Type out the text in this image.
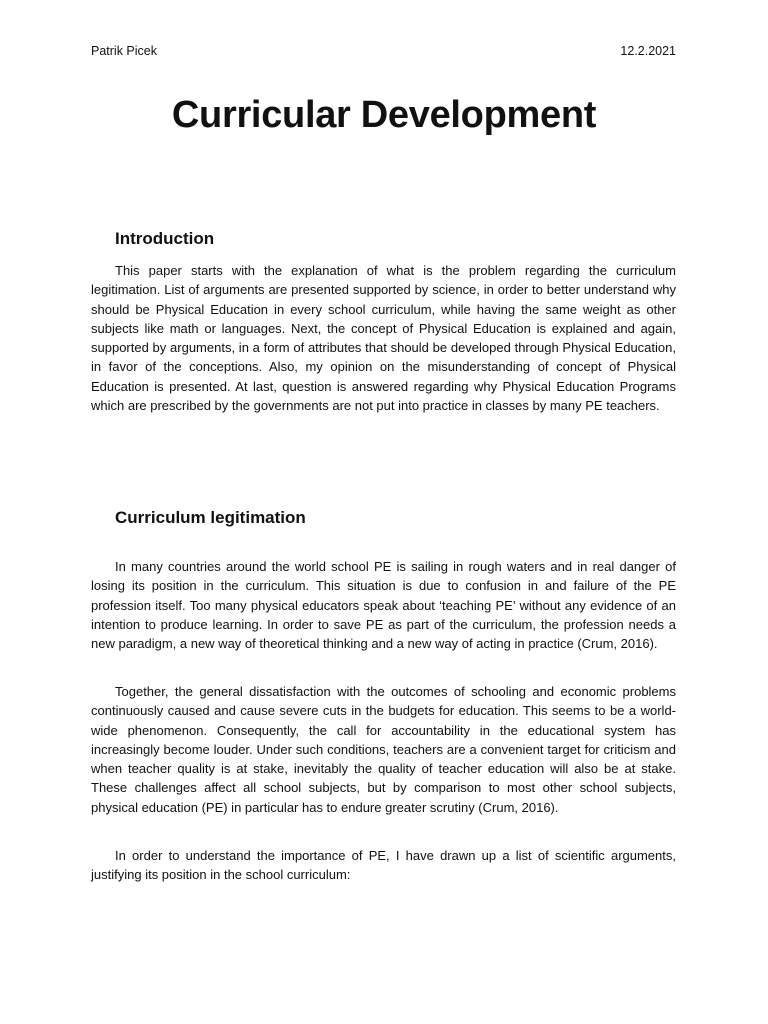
Patrik Picek	12.2.2021
Curricular Development
Introduction

This paper starts with the explanation of what is the problem regarding the curriculum legitimation. List of arguments are presented supported by science, in order to better understand why should be Physical Education in every school curriculum, while having the same weight as other subjects like math or languages. Next, the concept of Physical Education is explained and again, supported by arguments, in a form of attributes that should be developed through Physical Education, in favor of the conceptions. Also, my opinion on the misunderstanding of concept of Physical Education is presented. At last, question is answered regarding why Physical Education Programs which are prescribed by the governments are not put into practice in classes by many PE teachers.

Curriculum legitimation

In many countries around the world school PE is sailing in rough waters and in real danger of losing its position in the curriculum. This situation is due to confusion in and failure of the PE profession itself. Too many physical educators speak about ‘teaching PE’ without any evidence of an intention to produce learning. In order to save PE as part of the curriculum, the profession needs a new paradigm, a new way of theoretical thinking and a new way of acting in practice (Crum, 2016).

Together, the general dissatisfaction with the outcomes of schooling and economic problems continuously caused and cause severe cuts in the budgets for education. This seems to be a world-wide phenomenon. Consequently, the call for accountability in the educational system has increasingly become louder. Under such conditions, teachers are a convenient target for criticism and when teacher quality is at stake, inevitably the quality of teacher education will also be at stake. These challenges affect all school subjects, but by comparison to most other school subjects, physical education (PE) in particular has to endure greater scrutiny (Crum, 2016).

In order to understand the importance of PE, I have drawn up a list of scientific arguments, justifying its position in the school curriculum:
